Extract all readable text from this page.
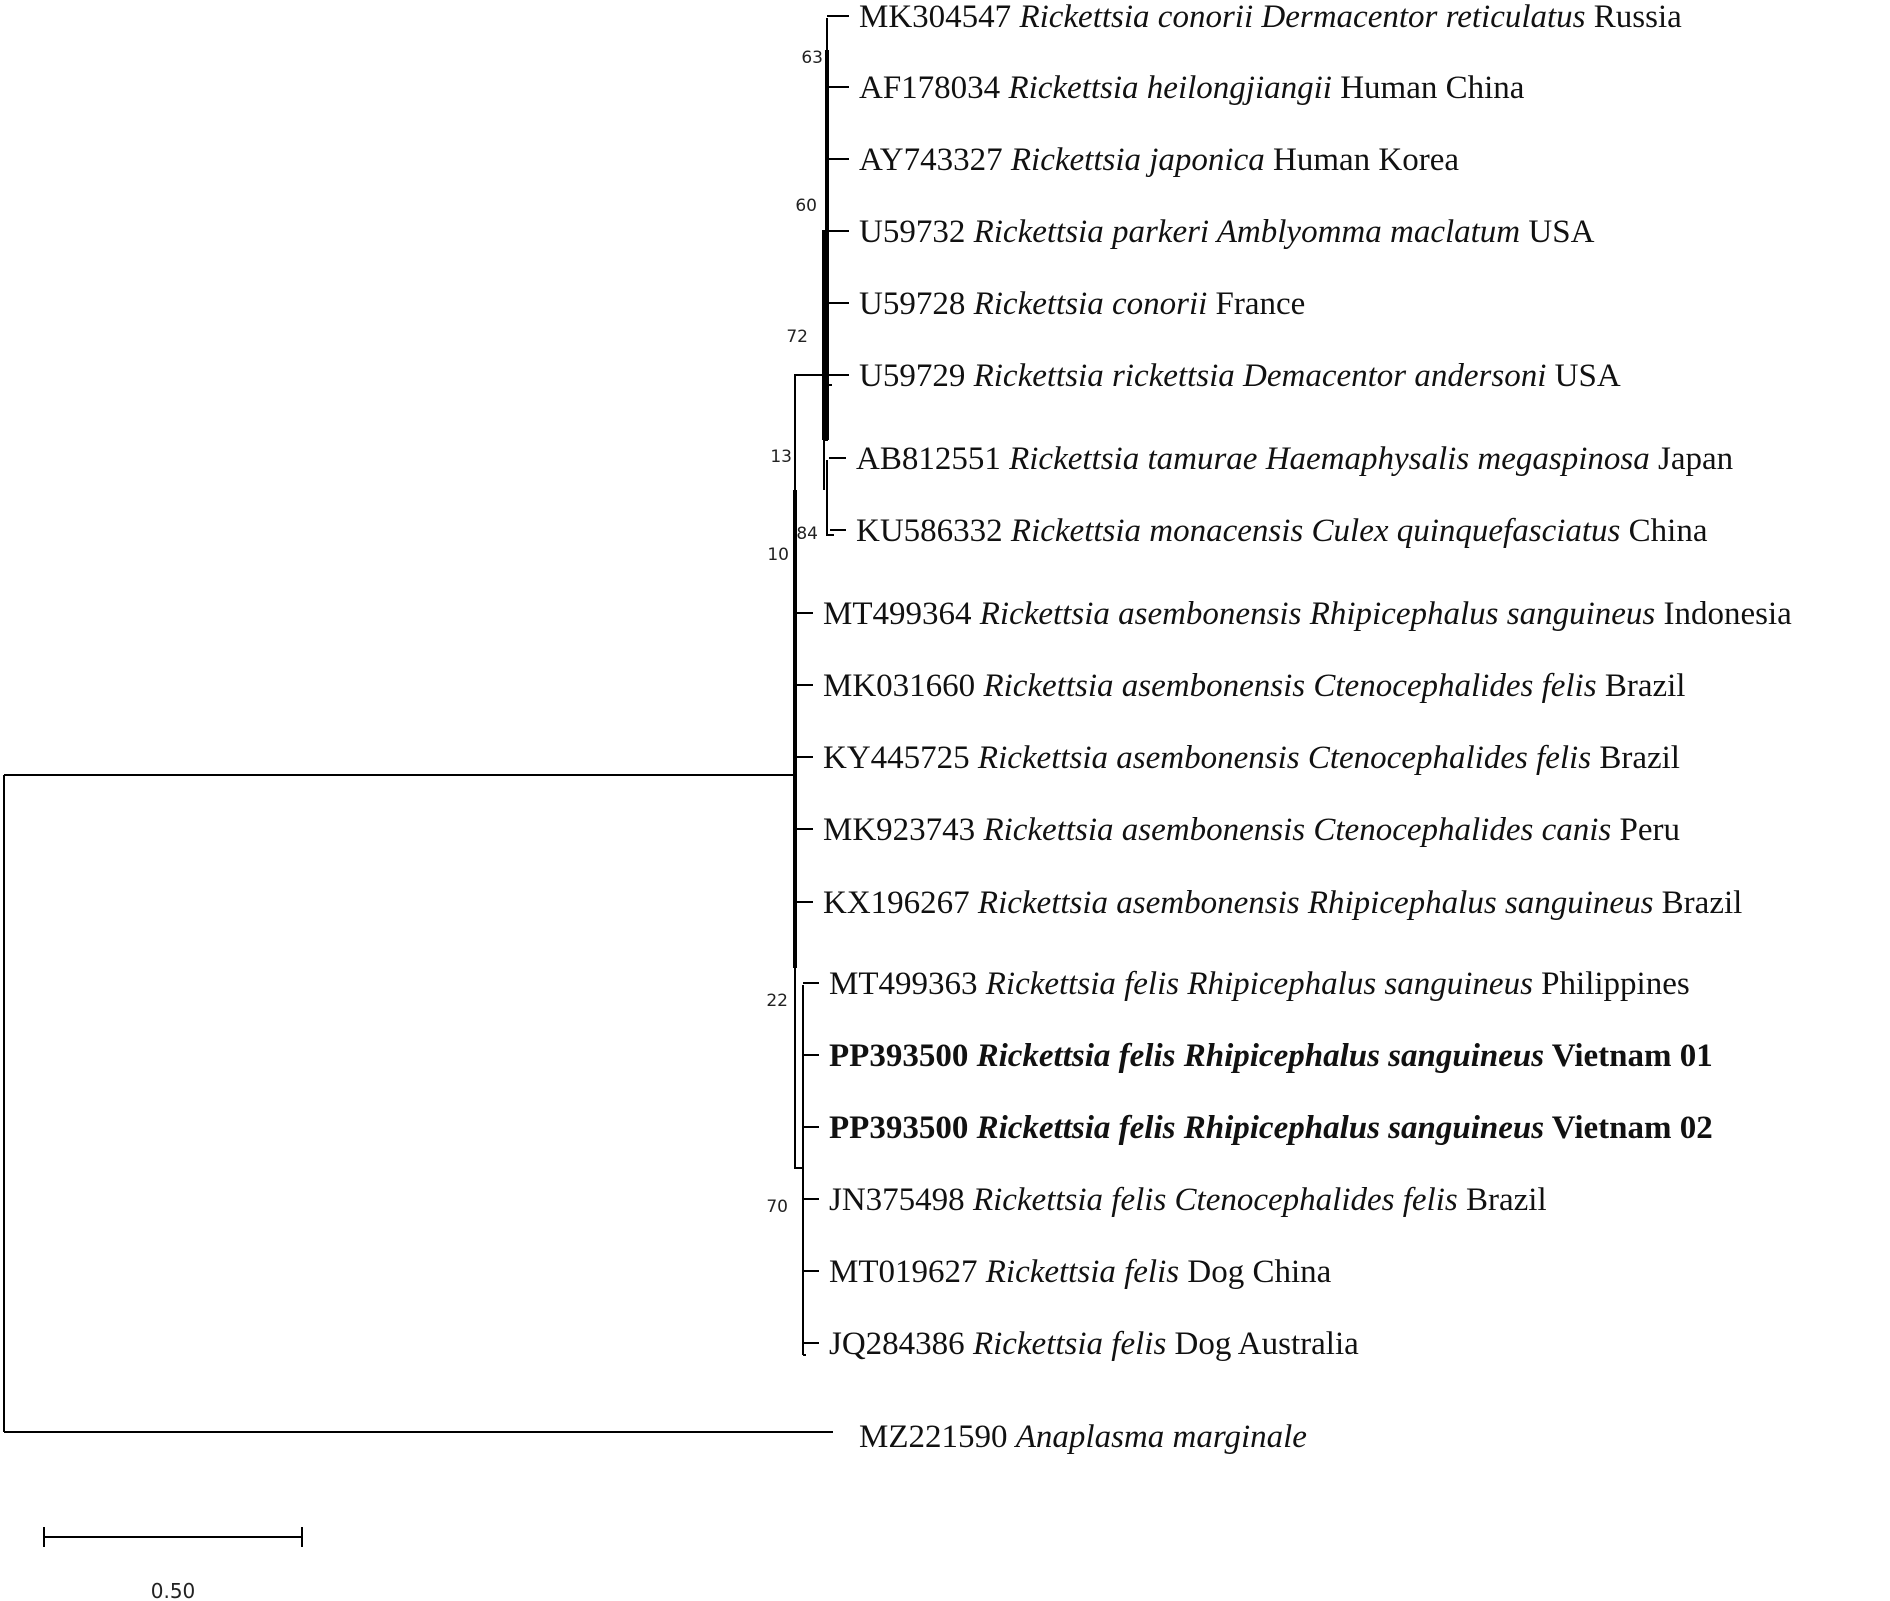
0.50
63
60
72
13
84
10
22
70
MK304547 Rickettsia conorii Dermacentor reticulatus Russia
AF178034 Rickettsia heilongjiangii Human China
AY743327 Rickettsia japonica Human Korea
U59732 Rickettsia parkeri Amblyomma maclatum USA
U59728 Rickettsia conorii France
U59729 Rickettsia rickettsia Demacentor andersoni USA
AB812551 Rickettsia tamurae Haemaphysalis megaspinosa Japan
KU586332 Rickettsia monacensis Culex quinquefasciatus China
MT499364 Rickettsia asembonensis Rhipicephalus sanguineus Indonesia
MK031660 Rickettsia asembonensis Ctenocephalides felis Brazil
KY445725 Rickettsia asembonensis Ctenocephalides felis Brazil
MK923743 Rickettsia asembonensis Ctenocephalides canis Peru
KX196267 Rickettsia asembonensis Rhipicephalus sanguineus Brazil
MT499363 Rickettsia felis Rhipicephalus sanguineus Philippines
PP393500 Rickettsia felis Rhipicephalus sanguineus Vietnam 01
PP393500 Rickettsia felis Rhipicephalus sanguineus Vietnam 02
JN375498 Rickettsia felis Ctenocephalides felis Brazil
MT019627 Rickettsia felis Dog China
JQ284386 Rickettsia felis Dog Australia
MZ221590 Anaplasma marginale
